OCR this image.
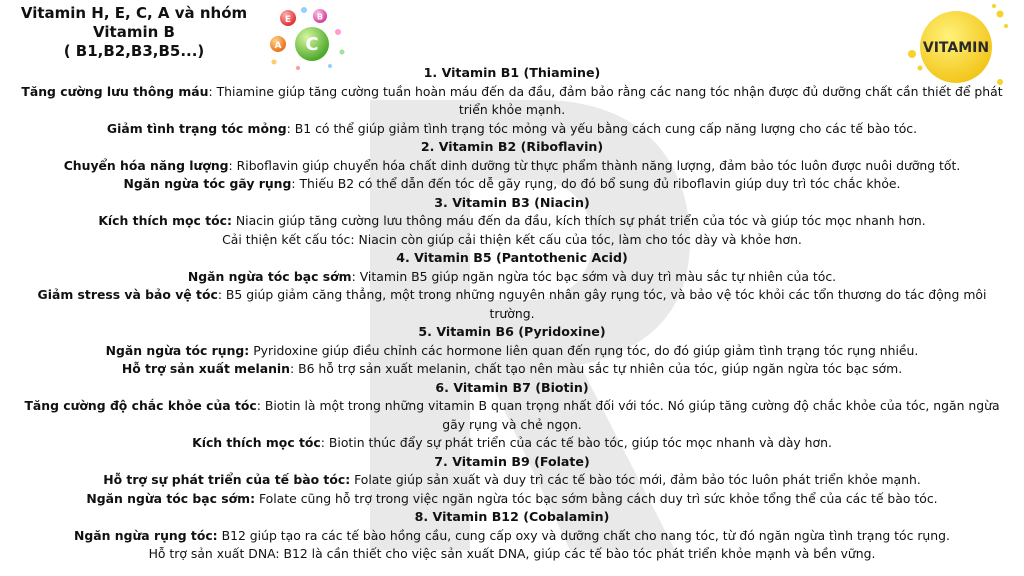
Vitamin H, E, C, A và nhóm
Vitamin B
( B1,B2,B3,B5...)	C
A
E	B
VITAMIN

1. Vitamin B1 (Thiamine)

Tăng cường lưu thông máu: Thiamine giúp tăng cường tuần hoàn máu đến da đầu, đảm bảo rằng các nang tóc nhận được đủ dưỡng chất cần thiết để phát triển khỏe mạnh.

Giảm tình trạng tóc mỏng: B1 có thể giúp giảm tình trạng tóc mỏng và yếu bằng cách cung cấp năng lượng cho các tế bào tóc.

2. Vitamin B2 (Riboflavin)

Chuyển hóa năng lượng: Riboflavin giúp chuyển hóa chất dinh dưỡng từ thực phẩm thành năng lượng, đảm bảo tóc luôn được nuôi dưỡng tốt.

Ngăn ngừa tóc gãy rụng: Thiếu B2 có thể dẫn đến tóc dễ gãy rụng, do đó bổ sung đủ riboflavin giúp duy trì tóc chắc khỏe.

3. Vitamin B3 (Niacin)

Kích thích mọc tóc: Niacin giúp tăng cường lưu thông máu đến da đầu, kích thích sự phát triển của tóc và giúp tóc mọc nhanh hơn.

Cải thiện kết cấu tóc: Niacin còn giúp cải thiện kết cấu của tóc, làm cho tóc dày và khỏe hơn.

4. Vitamin B5 (Pantothenic Acid)

Ngăn ngừa tóc bạc sớm: Vitamin B5 giúp ngăn ngừa tóc bạc sớm và duy trì màu sắc tự nhiên của tóc.

Giảm stress và bảo vệ tóc: B5 giúp giảm căng thẳng, một trong những nguyên nhân gây rụng tóc, và bảo vệ tóc khỏi các tổn thương do tác động môi trường.

5. Vitamin B6 (Pyridoxine)

Ngăn ngừa tóc rụng: Pyridoxine giúp điều chỉnh các hormone liên quan đến rụng tóc, do đó giúp giảm tình trạng tóc rụng nhiều.

Hỗ trợ sản xuất melanin: B6 hỗ trợ sản xuất melanin, chất tạo nên màu sắc tự nhiên của tóc, giúp ngăn ngừa tóc bạc sớm.

6. Vitamin B7 (Biotin)

Tăng cường độ chắc khỏe của tóc: Biotin là một trong những vitamin B quan trọng nhất đối với tóc. Nó giúp tăng cường độ chắc khỏe của tóc, ngăn ngừa gãy rụng và chẻ ngọn.

Kích thích mọc tóc: Biotin thúc đẩy sự phát triển của các tế bào tóc, giúp tóc mọc nhanh và dày hơn.

7. Vitamin B9 (Folate)

Hỗ trợ sự phát triển của tế bào tóc: Folate giúp sản xuất và duy trì các tế bào tóc mới, đảm bảo tóc luôn phát triển khỏe mạnh.

Ngăn ngừa tóc bạc sớm: Folate cũng hỗ trợ trong việc ngăn ngừa tóc bạc sớm bằng cách duy trì sức khỏe tổng thể của các tế bào tóc.

8. Vitamin B12 (Cobalamin)

Ngăn ngừa rụng tóc: B12 giúp tạo ra các tế bào hồng cầu, cung cấp oxy và dưỡng chất cho nang tóc, từ đó ngăn ngừa tình trạng tóc rụng.

Hỗ trợ sản xuất DNA: B12 là cần thiết cho việc sản xuất DNA, giúp các tế bào tóc phát triển khỏe mạnh và bền vững.
